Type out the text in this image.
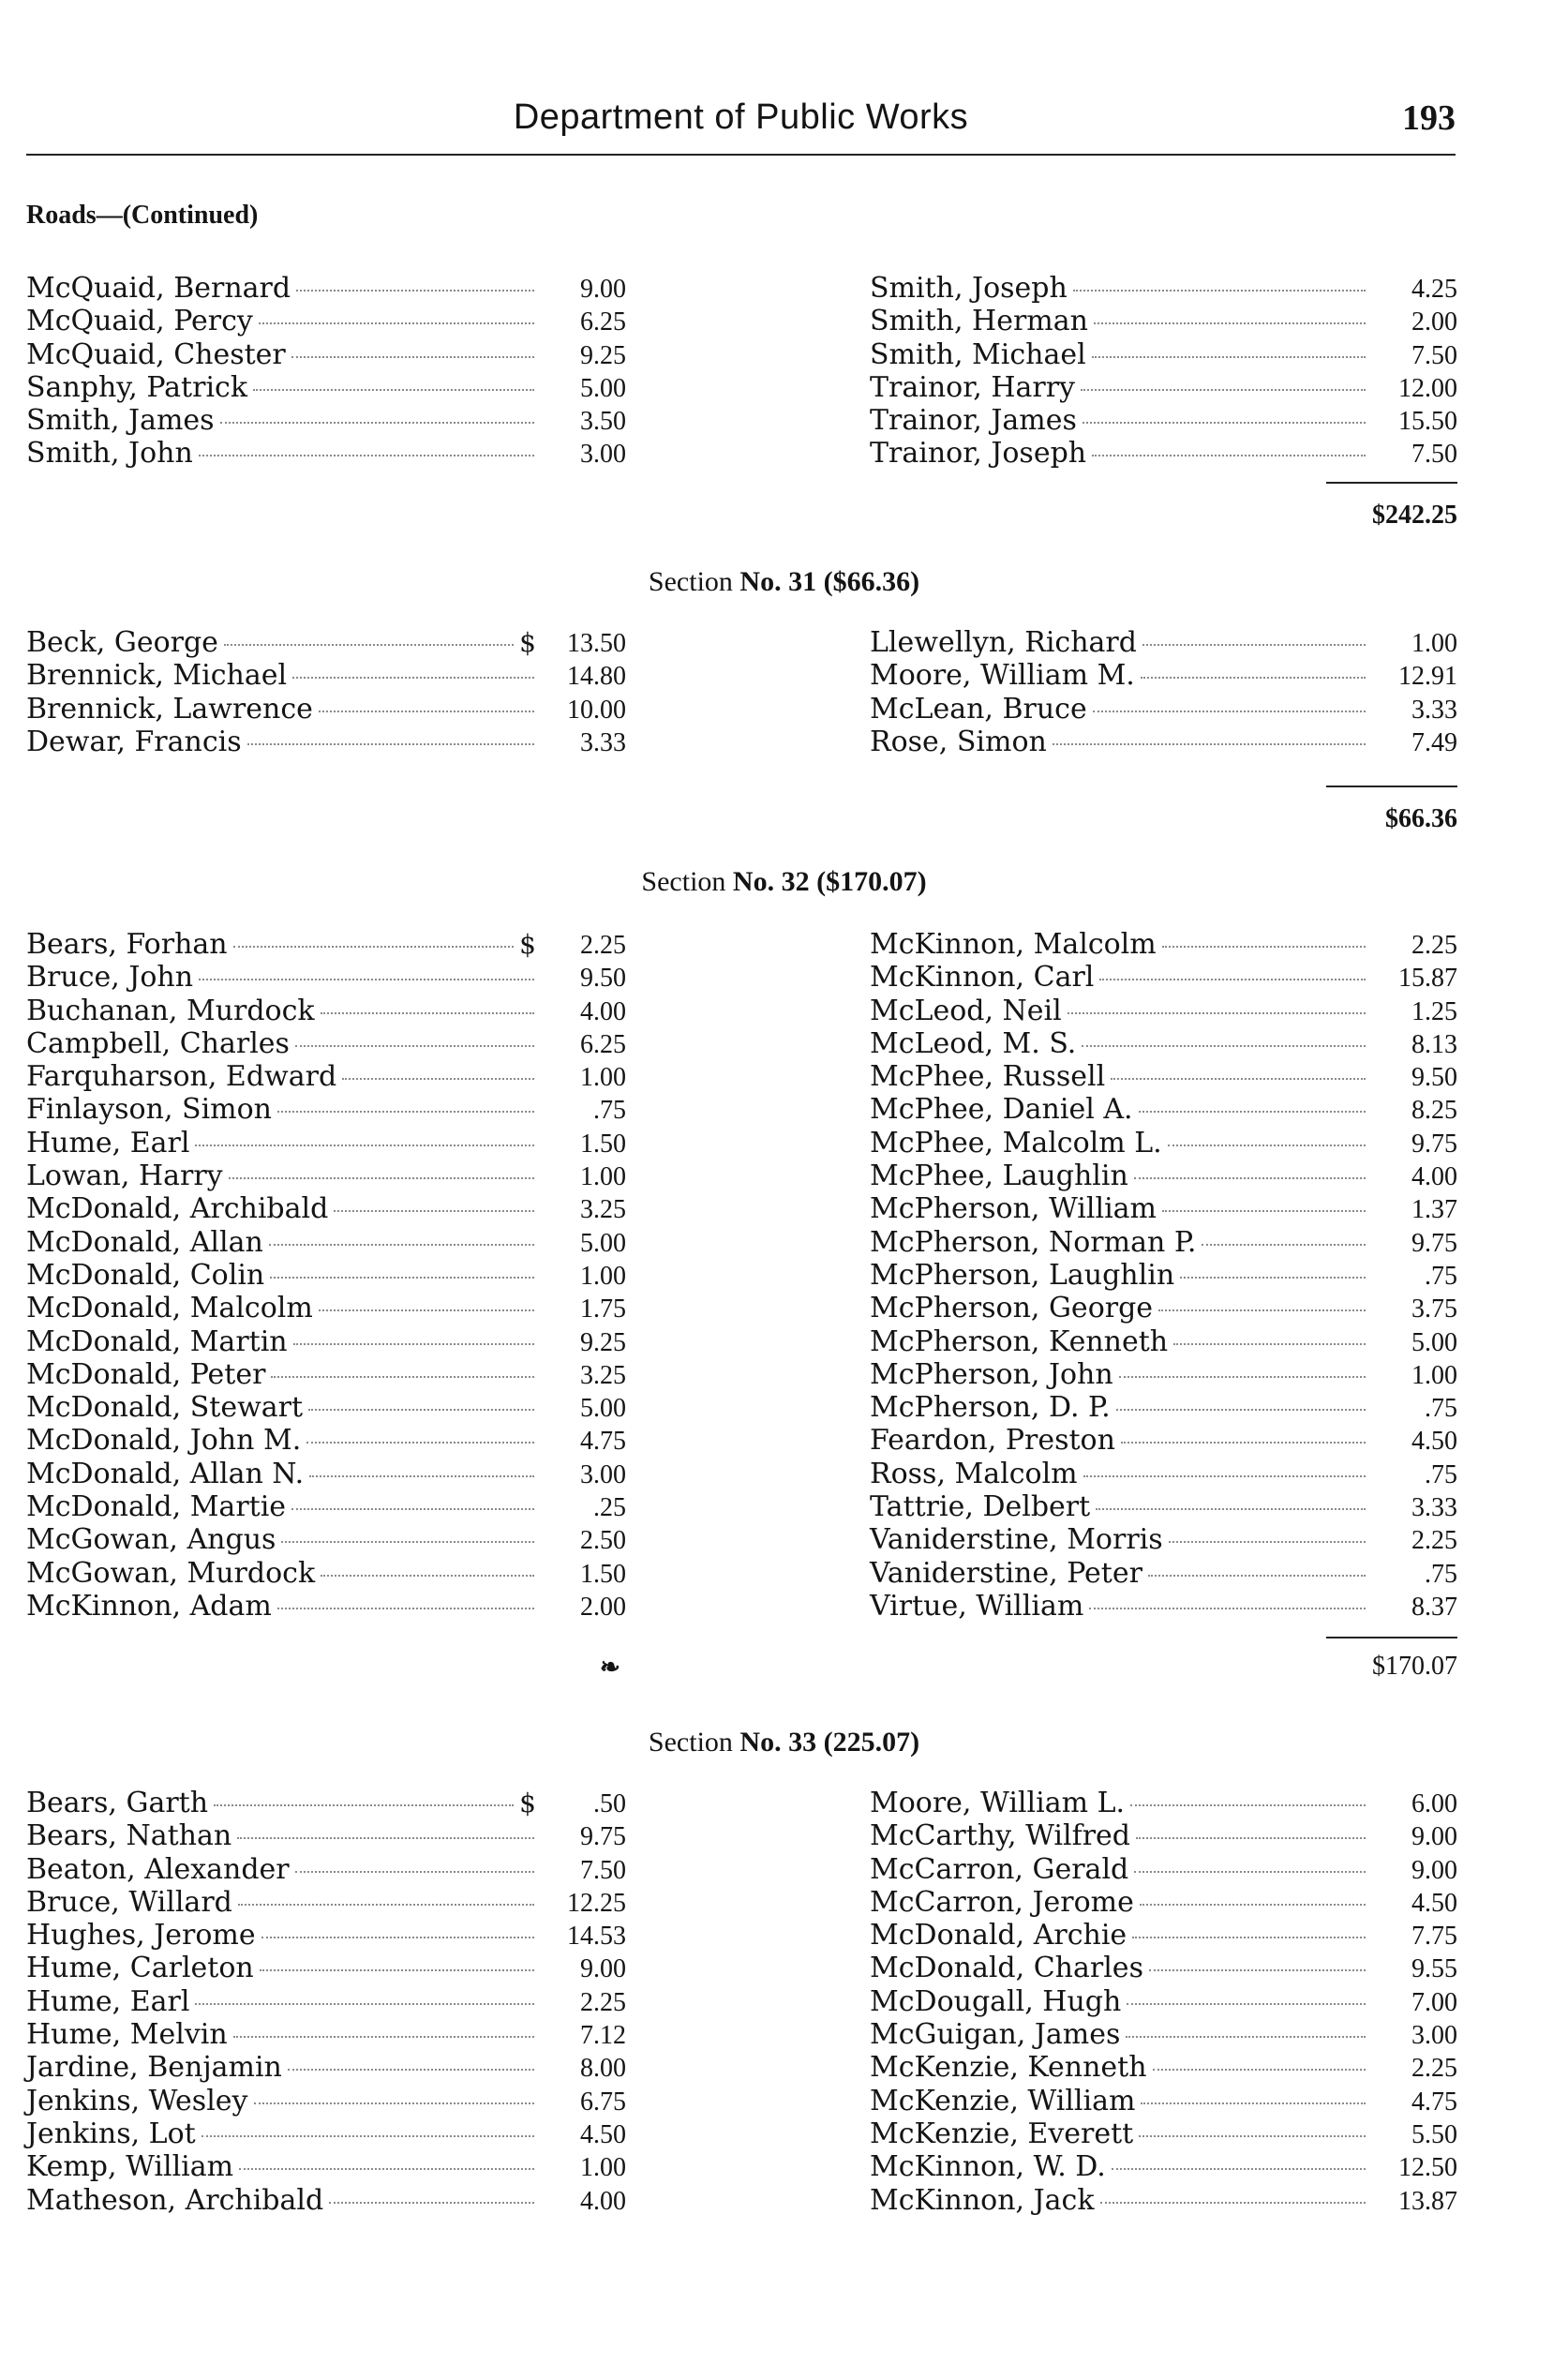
Department of Public Works	193
Roads—(Continued)
McQuaid, Bernard	9.00
McQuaid, Percy	6.25
McQuaid, Chester	9.25
Sanphy, Patrick	5.00
Smith, James	3.50
Smith, John	3.00
Smith, Joseph	4.25
Smith, Herman	2.00
Smith, Michael	7.50
Trainor, Harry	12.00
Trainor, James	15.50
Trainor, Joseph	7.50
$242.25
Section No. 31 ($66.36)
Beck, George	$	13.50
Brennick, Michael	14.80
Brennick, Lawrence	10.00
Dewar, Francis	3.33
Llewellyn, Richard	1.00
Moore, William M.	12.91
McLean, Bruce	3.33
Rose, Simon	7.49
$66.36
Section No. 32 ($170.07)
Bears, Forhan	$	2.25
Bruce, John	9.50
Buchanan, Murdock	4.00
Campbell, Charles	6.25
Farquharson, Edward	1.00
Finlayson, Simon	.75
Hume, Earl	1.50
Lowan, Harry	1.00
McDonald, Archibald	3.25
McDonald, Allan	5.00
McDonald, Colin	1.00
McDonald, Malcolm	1.75
McDonald, Martin	9.25
McDonald, Peter	3.25
McDonald, Stewart	5.00
McDonald, John M.	4.75
McDonald, Allan N.	3.00
McDonald, Martie	.25
McGowan, Angus	2.50
McGowan, Murdock	1.50
McKinnon, Adam	2.00
McKinnon, Malcolm	2.25
McKinnon, Carl	15.87
McLeod, Neil	1.25
McLeod, M. S.	8.13
McPhee, Russell	9.50
McPhee, Daniel A.	8.25
McPhee, Malcolm L.	9.75
McPhee, Laughlin	4.00
McPherson, William	1.37
McPherson, Norman P.	9.75
McPherson, Laughlin	.75
McPherson, George	3.75
McPherson, Kenneth	5.00
McPherson, John	1.00
McPherson, D. P.	.75
Feardon, Preston	4.50
Ross, Malcolm	.75
Tattrie, Delbert	3.33
Vaniderstine, Morris	2.25
Vaniderstine, Peter	.75
Virtue, William	8.37
❧	$170.07
Section No. 33 (225.07)
Bears, Garth	$	.50
Bears, Nathan	9.75
Beaton, Alexander	7.50
Bruce, Willard	12.25
Hughes, Jerome	14.53
Hume, Carleton	9.00
Hume, Earl	2.25
Hume, Melvin	7.12
Jardine, Benjamin	8.00
Jenkins, Wesley	6.75
Jenkins, Lot	4.50
Kemp, William	1.00
Matheson, Archibald	4.00
Moore, William L.	6.00
McCarthy, Wilfred	9.00
McCarron, Gerald	9.00
McCarron, Jerome	4.50
McDonald, Archie	7.75
McDonald, Charles	9.55
McDougall, Hugh	7.00
McGuigan, James	3.00
McKenzie, Kenneth	2.25
McKenzie, William	4.75
McKenzie, Everett	5.50
McKinnon, W. D.	12.50
McKinnon, Jack	13.87
